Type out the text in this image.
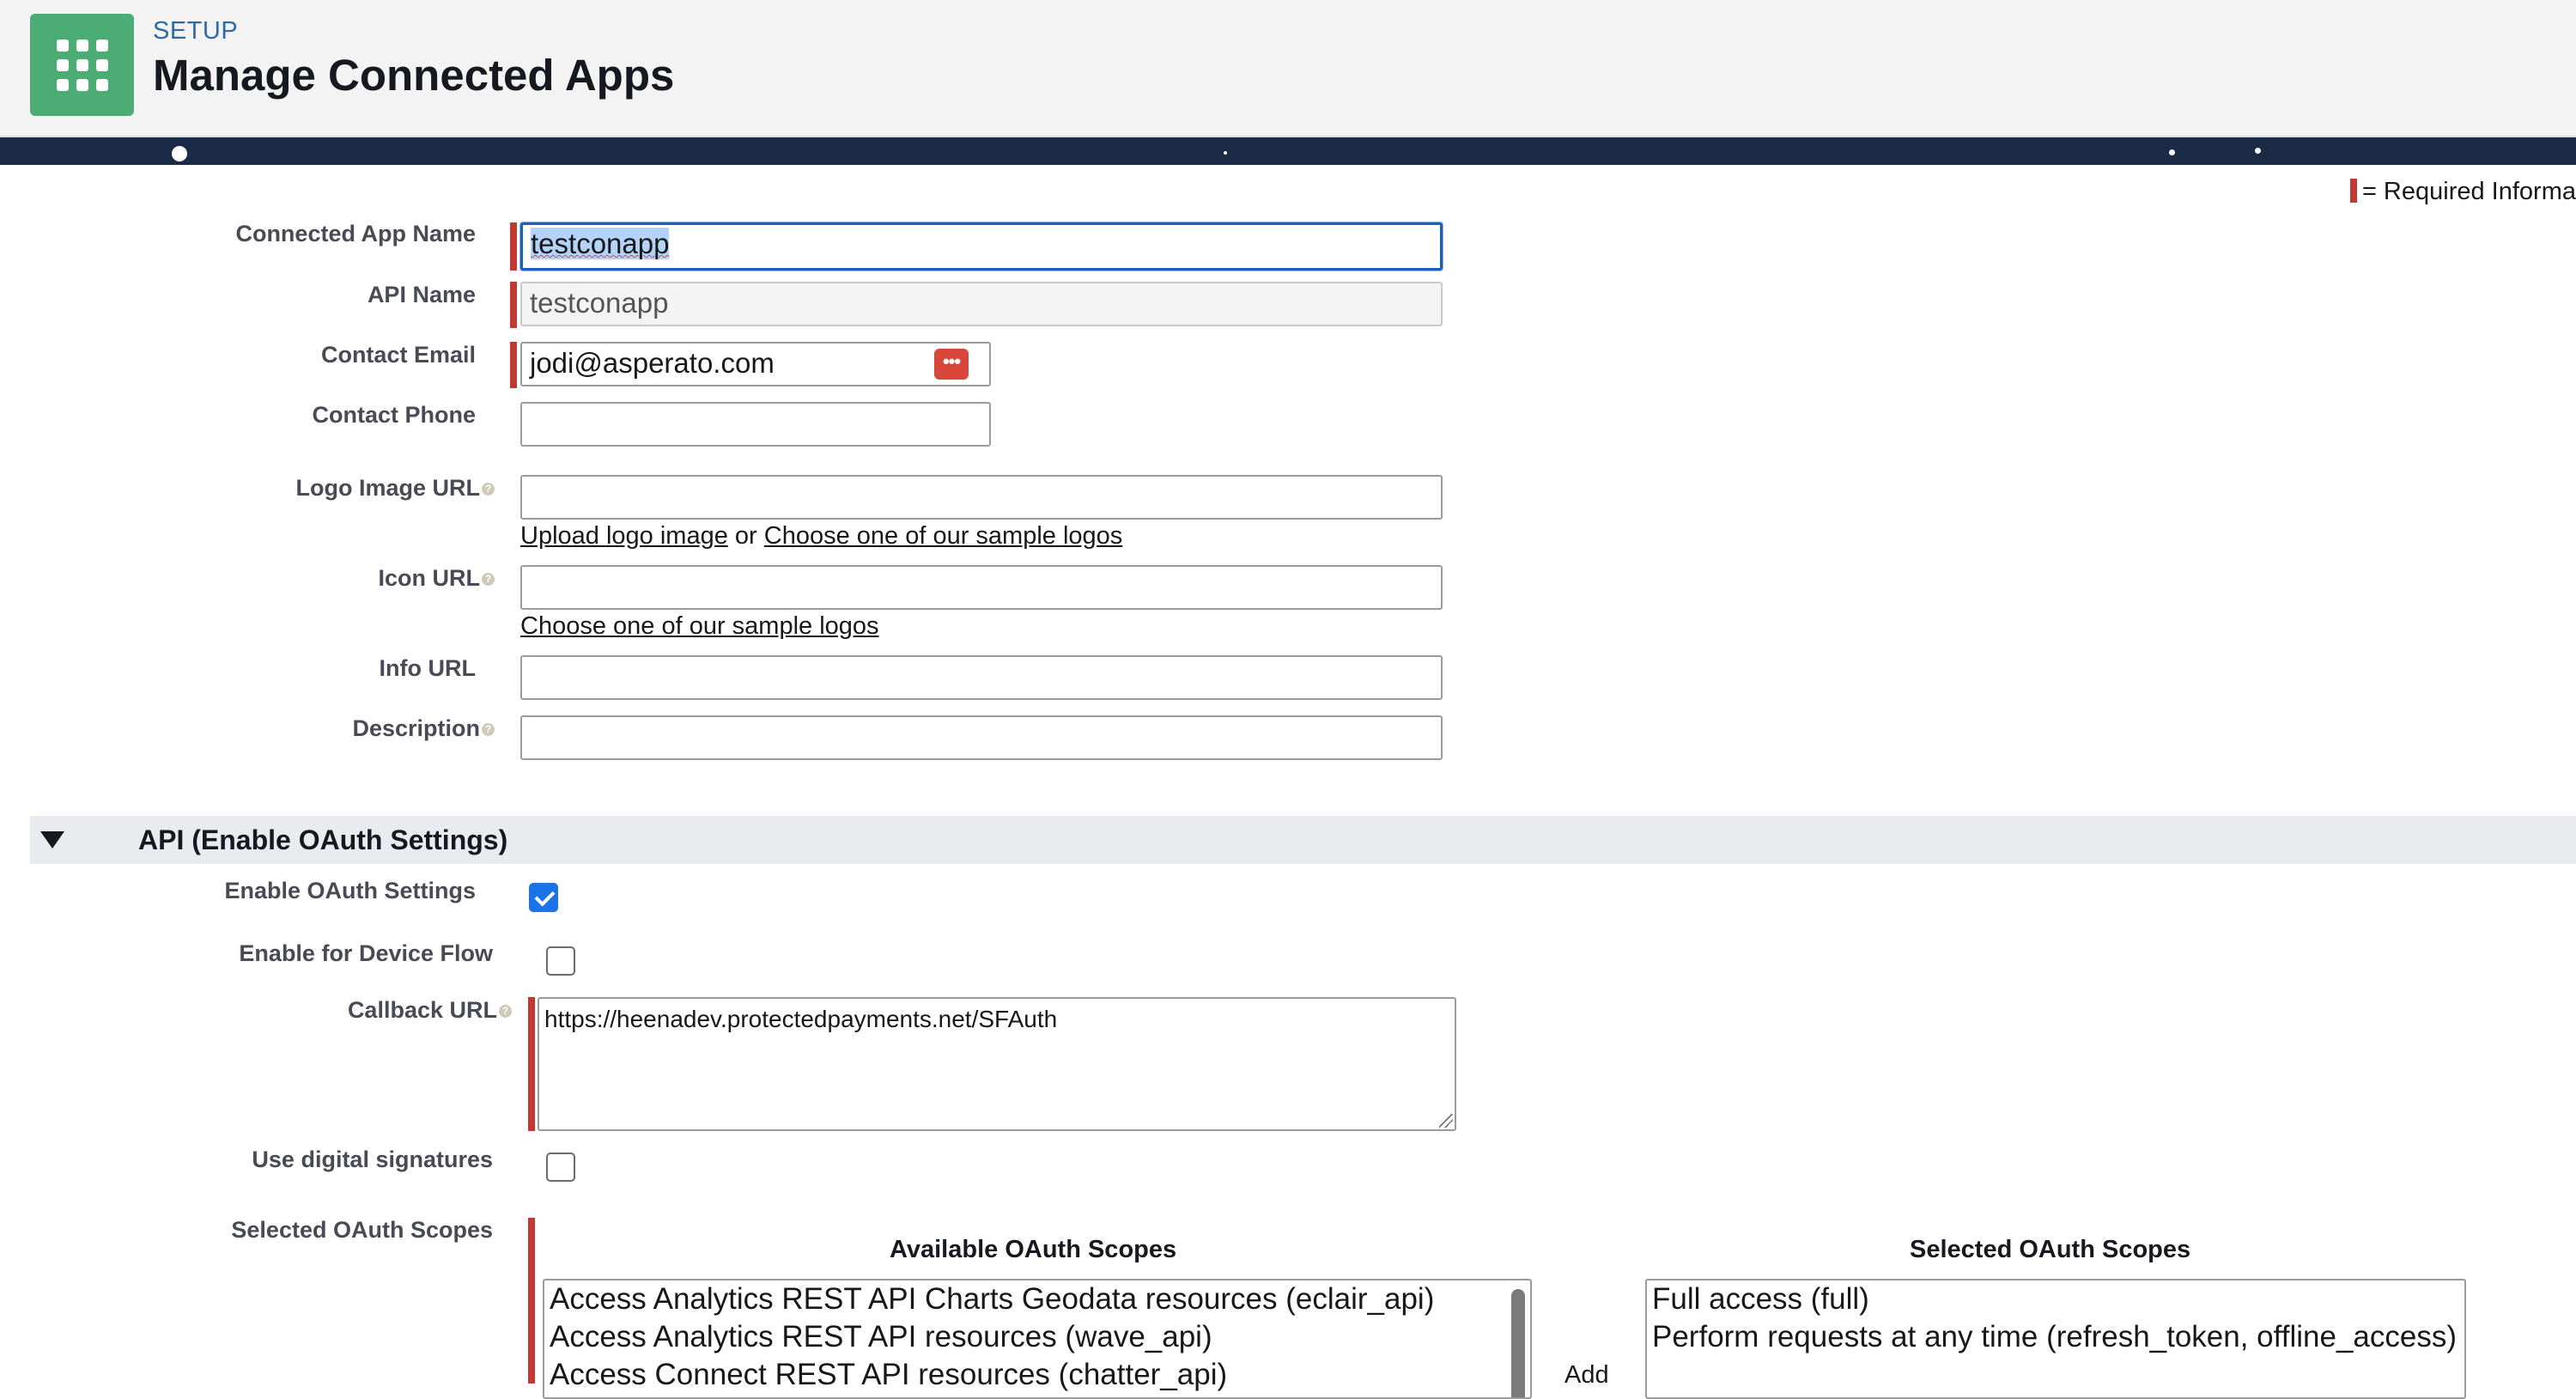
SETUP
Manage Connected Apps
= Required Informa
Connected App Name	testconapp
API Name	testconapp
Contact Email	jodi@asperato.com	•••
Contact Phone
Logo Image URL ?
Upload logo image or Choose one of our sample logos
Icon URL ?
Choose one of our sample logos
Info URL
Description ?
API (Enable OAuth Settings)
Enable OAuth Settings
Enable for Device Flow
Callback URL ? https://heenadev.protectedpayments.net/SFAuth
Use digital signatures
Selected OAuth Scopes
Available OAuth Scopes
Access Analytics REST API Charts Geodata resources (eclair_api)
Access Analytics REST API resources (wave_api)
Access Connect REST API resources (chatter_api)	Add
Selected OAuth Scopes
Full access (full)
Perform requests at any time (refresh_token, offline_access)
